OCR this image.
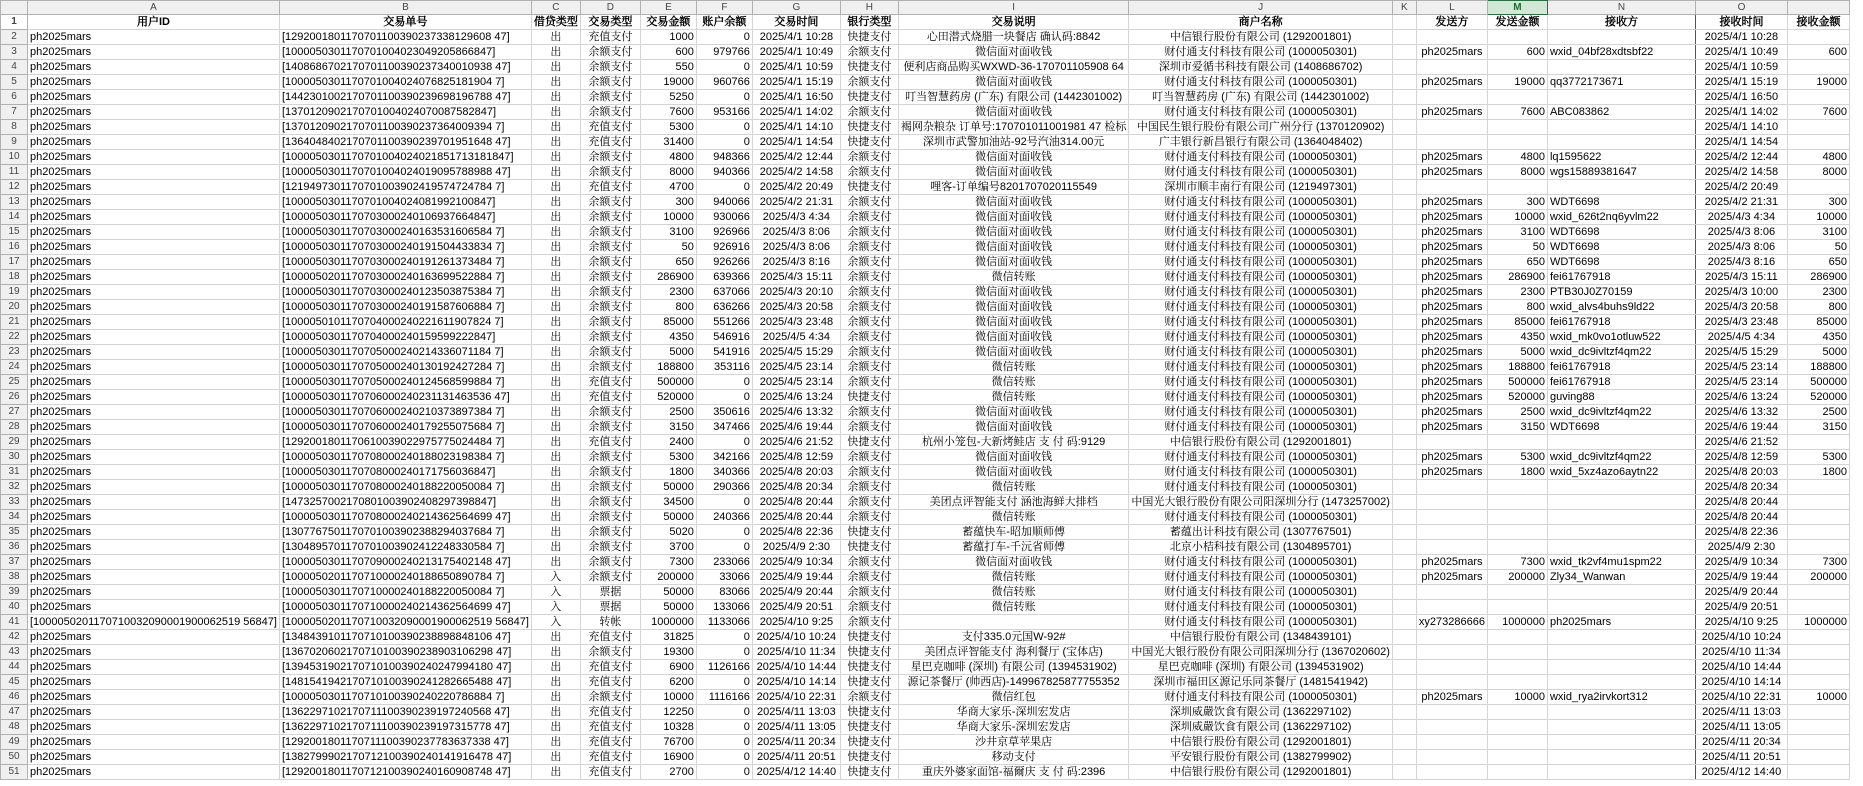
	A	B	C	D	E	F	G	H	I	J	K	L	M	N	O	
1	用户ID	交易单号	借贷类型	交易类型	交易金额	账户余额	交易时间	银行类型	交易说明	商户名称		发送方	发送金额	接收方	接收时间	接收金额
2	ph2025mars	[1292001801170701100390237338129608 47]	出	充值支付	1000	0	2025/4/1 10:28	快捷支付	心田潜式烧腊一块餐店 确认码:8842	中信银行股份有限公司 (1292001801)					2025/4/1 10:28	
3	ph2025mars	[1000050301170701004023049205866847]	出	余额支付	600	979766	2025/4/1 10:49	余额支付	微信面对面收钱	财付通支付科技有限公司 (1000050301)		ph2025mars	600	wxid_04bf28xdtsbf22	2025/4/1 10:49	600
4	ph2025mars	[1408686702170701100390237340010938 47]	出	余额支付	550	0	2025/4/1 10:59	快捷支付	便利店商品购买WXWD-36-170701105908 64	深圳市爱循书科技有限公司 (1408686702)					2025/4/1 10:59	
5	ph2025mars	[1000050301170701004024076825181904 7]	出	余额支付	19000	960766	2025/4/1 15:19	余额支付	微信面对面收钱	财付通支付科技有限公司 (1000050301)		ph2025mars	19000	qq3772173671	2025/4/1 15:19	19000
6	ph2025mars	[1442301002170701100390239698196788 47]	出	余额支付	5250	0	2025/4/1 16:50	快捷支付	叮当智慧药房 (广东) 有限公司 (1442301002)	叮当智慧药房 (广东) 有限公司 (1442301002)					2025/4/1 16:50	
7	ph2025mars	[1370120902170701004024070087582847]	出	余额支付	7600	953166	2025/4/1 14:02	余额支付	微信面对面收钱	财付通支付科技有限公司 (1000050301)		ph2025mars	7600	ABC083862	2025/4/1 14:02	7600
8	ph2025mars	[1370120902170701100390237364009394 7]	出	充值支付	5300	0	2025/4/1 14:10	快捷支付	褐网杂粮杂 订单号:170701011001981 47 检标	中国民生银行股份有限公司广州分行 (1370120902)					2025/4/1 14:10	
9	ph2025mars	[1364048402170701100390239701951648 47]	出	充值支付	31400	0	2025/4/1 14:54	快捷支付	深圳市武警加油站-92号汽油314.00元	广丰银行新昌银行有限公司 (1364048402)					2025/4/1 14:54	
10	ph2025mars	[1000050301170701004024021851713181847]	出	余额支付	4800	948366	2025/4/2 12:44	余额支付	微信面对面收钱	财付通支付科技有限公司 (1000050301)		ph2025mars	4800	lq1595622	2025/4/2 12:44	4800
11	ph2025mars	[1000050301170701004024019095788988 47]	出	余额支付	8000	940366	2025/4/2 14:58	余额支付	微信面对面收钱	财付通支付科技有限公司 (1000050301)		ph2025mars	8000	wgs15889381647	2025/4/2 14:58	8000
12	ph2025mars	[1219497301170701003902419574724784 7]	出	充值支付	4700	0	2025/4/2 20:49	快捷支付	哩客-订单编号8201707020115549	深圳市顺丰南行有限公司 (1219497301)					2025/4/2 20:49	
13	ph2025mars	[1000050301170701004024081992100847]	出	余额支付	300	940066	2025/4/2 21:31	余额支付	微信面对面收钱	财付通支付科技有限公司 (1000050301)		ph2025mars	300	WDT6698	2025/4/2 21:31	300
14	ph2025mars	[1000050301170703000240106937664847]	出	余额支付	10000	930066	2025/4/3 4:34	余额支付	微信面对面收钱	财付通支付科技有限公司 (1000050301)		ph2025mars	10000	wxid_626t2nq6yvlm22	2025/4/3 4:34	10000
15	ph2025mars	[1000050301170703000240163531606584 7]	出	余额支付	3100	926966	2025/4/3 8:06	余额支付	微信面对面收钱	财付通支付科技有限公司 (1000050301)		ph2025mars	3100	WDT6698	2025/4/3 8:06	3100
16	ph2025mars	[1000050301170703000240191504433834 7]	出	余额支付	50	926916	2025/4/3 8:06	余额支付	微信面对面收钱	财付通支付科技有限公司 (1000050301)		ph2025mars	50	WDT6698	2025/4/3 8:06	50
17	ph2025mars	[1000050301170703000240191261373484 7]	出	余额支付	650	926266	2025/4/3 8:16	余额支付	微信面对面收钱	财付通支付科技有限公司 (1000050301)		ph2025mars	650	WDT6698	2025/4/3 8:16	650
18	ph2025mars	[1000050201170703000240163699522884 7]	出	余额支付	286900	639366	2025/4/3 15:11	余额支付	微信转账	财付通支付科技有限公司 (1000050301)		ph2025mars	286900	fei61767918	2025/4/3 15:11	286900
19	ph2025mars	[1000050301170703000240123503875384 7]	出	余额支付	2300	637066	2025/4/3 20:10	余额支付	微信面对面收钱	财付通支付科技有限公司 (1000050301)		ph2025mars	2300	PTB30J0Z70159	2025/4/3 10:00	2300
20	ph2025mars	[1000050301170703000240191587606884 7]	出	余额支付	800	636266	2025/4/3 20:58	余额支付	微信面对面收钱	财付通支付科技有限公司 (1000050301)		ph2025mars	800	wxid_alvs4buhs9ld22	2025/4/3 20:58	800
21	ph2025mars	[1000050101170704000240221611907824 7]	出	余额支付	85000	551266	2025/4/3 23:48	余额支付	微信面对面收钱	财付通支付科技有限公司 (1000050301)		ph2025mars	85000	fei61767918	2025/4/3 23:48	85000
22	ph2025mars	[1000050301170704000240159599222847]	出	余额支付	4350	546916	2025/4/5 4:34	余额支付	微信面对面收钱	财付通支付科技有限公司 (1000050301)		ph2025mars	4350	wxid_mk0vo1otluw522	2025/4/5 4:34	4350
23	ph2025mars	[1000050301170705000240214336071184 7]	出	余额支付	5000	541916	2025/4/5 15:29	余额支付	微信面对面收钱	财付通支付科技有限公司 (1000050301)		ph2025mars	5000	wxid_dc9ivltzf4qm22	2025/4/5 15:29	5000
24	ph2025mars	[1000050301170705000240130192427284 7]	出	余额支付	188800	353116	2025/4/5 23:14	余额支付	微信转账	财付通支付科技有限公司 (1000050301)		ph2025mars	188800	fei61767918	2025/4/5 23:14	188800
25	ph2025mars	[1000050301170705000240124568599884 7]	出	充值支付	500000	0	2025/4/5 23:14	余额支付	微信转账	财付通支付科技有限公司 (1000050301)		ph2025mars	500000	fei61767918	2025/4/5 23:14	500000
26	ph2025mars	[1000050301170706000240231131463536 47]	出	充值支付	520000	0	2025/4/6 13:24	快捷支付	微信转账	财付通支付科技有限公司 (1000050301)		ph2025mars	520000	guving88	2025/4/6 13:24	520000
27	ph2025mars	[1000050301170706000240210373897384 7]	出	余额支付	2500	350616	2025/4/6 13:32	余额支付	微信面对面收钱	财付通支付科技有限公司 (1000050301)		ph2025mars	2500	wxid_dc9ivltzf4qm22	2025/4/6 13:32	2500
28	ph2025mars	[1000050301170706000240179255075684 7]	出	余额支付	3150	347466	2025/4/6 19:44	余额支付	微信面对面收钱	财付通支付科技有限公司 (1000050301)		ph2025mars	3150	WDT6698	2025/4/6 19:44	3150
29	ph2025mars	[1292001801170610039022975775024484 7]	出	充值支付	2400	0	2025/4/6 21:52	快捷支付	杭州小笼包-大新烤鲑店 支 付 码:9129	中信银行股份有限公司 (1292001801)					2025/4/6 21:52	
30	ph2025mars	[1000050301170708000240188023198384 7]	出	余额支付	5300	342166	2025/4/8 12:59	余额支付	微信面对面收钱	财付通支付科技有限公司 (1000050301)		ph2025mars	5300	wxid_dc9ivltzf4qm22	2025/4/8 12:59	5300
31	ph2025mars	[1000050301170708000240171756036847]	出	余额支付	1800	340366	2025/4/8 20:03	余额支付	微信面对面收钱	财付通支付科技有限公司 (1000050301)		ph2025mars	1800	wxid_5xz4azo6aytn22	2025/4/8 20:03	1800
32	ph2025mars	[1000050301170708000240188220050084 7]	出	余额支付	50000	290366	2025/4/8 20:34	余额支付	微信转账	财付通支付科技有限公司 (1000050301)					2025/4/8 20:34	
33	ph2025mars	[1473257002170801003902408297398847]	出	余额支付	34500	0	2025/4/8 20:44	余额支付	美团点评智能支付 涵池海鲜大排档	中国光大银行股份有限公司阳深圳分行 (1473257002)					2025/4/8 20:44	
34	ph2025mars	[1000050301170708000240214362564699 47]	出	余额支付	50000	240366	2025/4/8 20:44	余额支付	微信转账	财付通支付科技有限公司 (1000050301)					2025/4/8 20:44	
35	ph2025mars	[1307767501170701003902388294037684 7]	出	余额支付	5020	0	2025/4/8 22:36	快捷支付	蓄蕴快车-昭加顺师傅	蓄蕴出计科技有限公司 (1307767501)					2025/4/8 22:36	
36	ph2025mars	[1304895701170701003902412248330584 7]	出	余额支付	3700	0	2025/4/9 2:30	快捷支付	蓄蕴打车-千沅省师傅	北京小桔科技有限公司 (1304895701)					2025/4/9 2:30	
37	ph2025mars	[1000050301170709000240213175402148 47]	出	余额支付	7300	233066	2025/4/9 10:34	余额支付	微信面对面收钱	财付通支付科技有限公司 (1000050301)		ph2025mars	7300	wxid_tk2vf4mu1spm22	2025/4/9 10:34	7300
38	ph2025mars	[1000050201170710000240188650890784 7]	入	余额支付	200000	33066	2025/4/9 19:44	余额支付	微信转账	财付通支付科技有限公司 (1000050301)		ph2025mars	200000	Zly34_Wanwan	2025/4/9 19:44	200000
39	ph2025mars	[1000050301170710000240188220050084 7]	入	票据	50000	83066	2025/4/9 20:44	余额支付	微信转账	财付通支付科技有限公司 (1000050301)					2025/4/9 20:44	
40	ph2025mars	[1000050301170710000240214362564699 47]	入	票据	50000	133066	2025/4/9 20:51	余额支付	微信转账	财付通支付科技有限公司 (1000050301)					2025/4/9 20:51	
41	[1000050201170710032090001900062519 56847]	[1000050201170710032090001900062519 56847]	入	转帐	1000000	1133066	2025/4/10 9:25	余额支付		财付通支付科技有限公司 (1000050301)		xy273286666	1000000	ph2025mars	2025/4/10 9:25	1000000
42	ph2025mars	[1348439101170710100390238898848106 47]	出	充值支付	31825	0	2025/4/10 10:24	快捷支付	支付335.0元国W-92#	中信银行股份有限公司 (1348439101)					2025/4/10 10:24	
43	ph2025mars	[1367020602170710100390238903106298 47]	出	余额支付	19300	0	2025/4/10 11:34	快捷支付	美团点评智能支付 海利餐厅 (宝体店)	中国光大银行股份有限公司阳深圳分行 (1367020602)					2025/4/10 11:34	
44	ph2025mars	[1394531902170710100390240247994180 47]	出	充值支付	6900	1126166	2025/4/10 14:44	快捷支付	星巴克咖啡 (深圳) 有限公司 (1394531902)	星巴克咖啡 (深圳) 有限公司 (1394531902)					2025/4/10 14:44	
45	ph2025mars	[1481541942170710100390241282665488 47]	出	充值支付	6200	0	2025/4/10 14:14	快捷支付	源记茶餐厅 (帅西店)-149967825877755352	深圳市福田区源记乐同茶餐厅 (1481541942)					2025/4/10 14:14	
46	ph2025mars	[1000050301170710100390240220786884 7]	出	余额支付	10000	1116166	2025/4/10 22:31	余额支付	微信红包	财付通支付科技有限公司 (1000050301)		ph2025mars	10000	wxid_rya2irvkort312	2025/4/10 22:31	10000
47	ph2025mars	[1362297102170711100390239197240568 47]	出	充值支付	12250	0	2025/4/11 13:03	快捷支付	华商大家乐-深圳宏发店	深圳威嚴饮食有限公司 (1362297102)					2025/4/11 13:03	
48	ph2025mars	[1362297102170711100390239197315778 47]	出	充值支付	10328	0	2025/4/11 13:05	快捷支付	华商大家乐-深圳宏发店	深圳威嚴饮食有限公司 (1362297102)					2025/4/11 13:05	
49	ph2025mars	[1292001801170711100390237783637338 47]	出	充值支付	76700	0	2025/4/11 20:34	快捷支付	沙井京草苹果店	中信银行股份有限公司 (1292001801)					2025/4/11 20:34	
50	ph2025mars	[1382799902170712100390240141916478 47]	出	充值支付	16900	0	2025/4/11 20:51	快捷支付	移动支付	平安银行股份有限公司 (1382799902)					2025/4/11 20:51	
51	ph2025mars	[1292001801170712100390240160908748 47]	出	充值支付	2700	0	2025/4/12 14:40	快捷支付	重庆外婆家面馆-福爾庆 支 付 码:2396	中信银行股份有限公司 (1292001801)					2025/4/12 14:40	
